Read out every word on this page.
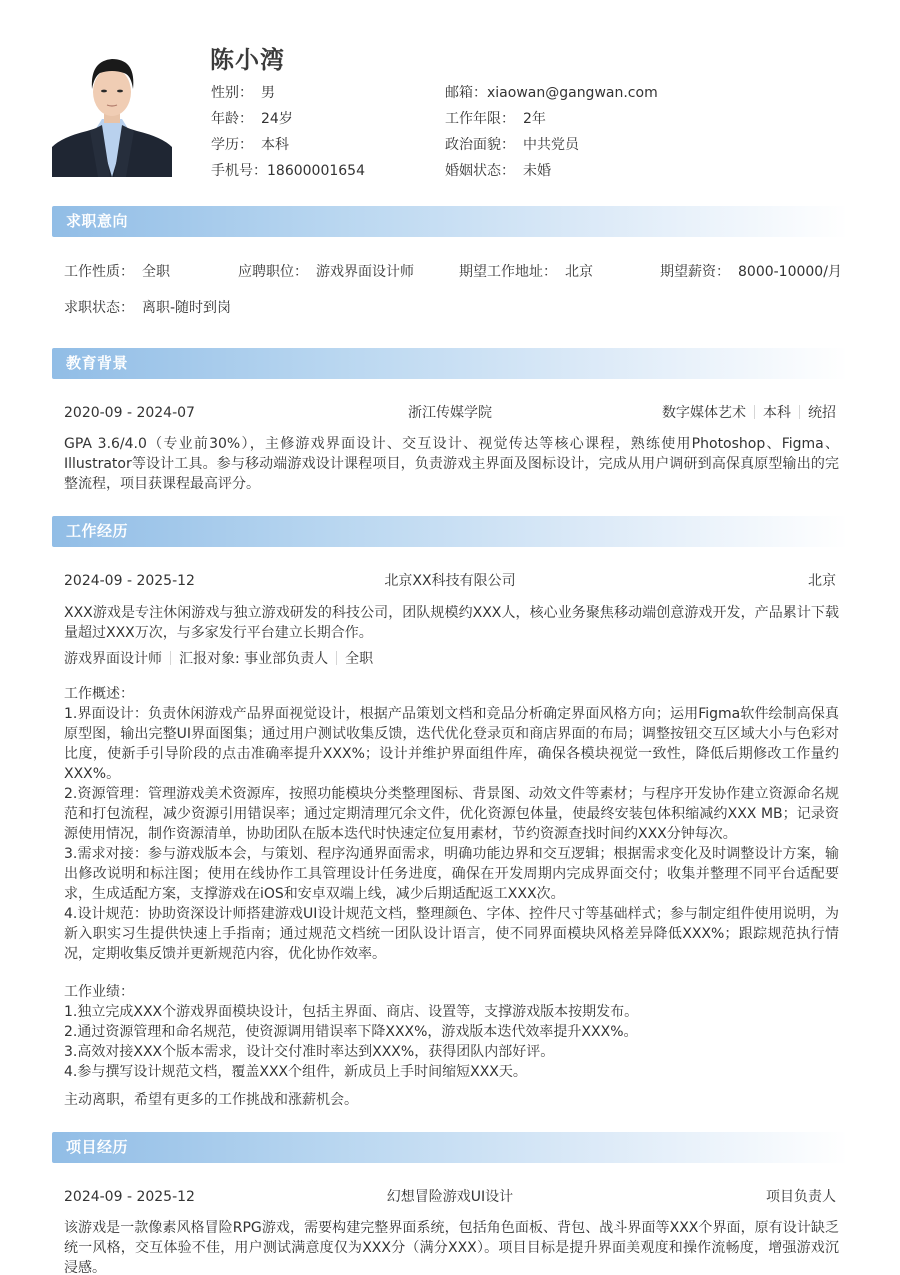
陈小湾
性别： 男
年龄： 24岁
学历： 本科
手机号：18600001654
邮箱：xiaowan@gangwan.com
工作年限： 2年
政治面貌： 中共党员
婚姻状态： 未婚
求职意向
工作性质： 全职	应聘职位： 游戏界面设计师	期望工作地址： 北京	期望薪资： 8000-10000/月
求职状态： 离职-随时到岗
教育背景
2020-09 - 2024-07	浙江传媒学院	数字媒体艺术 本科 统招
GPA 3.6/4.0（专业前30%），主修游戏界面设计、交互设计、视觉传达等核心课程，熟练使用Photoshop、Figma、Illustrator等设计工具。参与移动端游戏设计课程项目，负责游戏主界面及图标设计，完成从用户调研到高保真原型输出的完整流程，项目获课程最高评分。
工作经历
2024-09 - 2025-12	北京XX科技有限公司	北京
XXX游戏是专注休闲游戏与独立游戏研发的科技公司，团队规模约XXX人，核心业务聚焦移动端创意游戏开发，产品累计下载量超过XXX万次，与多家发行平台建立长期合作。
游戏界面设计师 汇报对象: 事业部负责人 全职

工作概述：

1.界面设计：负责休闲游戏产品界面视觉设计，根据产品策划文档和竞品分析确定界面风格方向；运用Figma软件绘制高保真原型图，输出完整UI界面图集；通过用户测试收集反馈，迭代优化登录页和商店界面的布局；调整按钮交互区域大小与色彩对比度，使新手引导阶段的点击准确率提升XXX%；设计并维护界面组件库，确保各模块视觉一致性，降低后期修改工作量约XXX%。

2.资源管理：管理游戏美术资源库，按照功能模块分类整理图标、背景图、动效文件等素材；与程序开发协作建立资源命名规范和打包流程，减少资源引用错误率；通过定期清理冗余文件，优化资源包体量，使最终安装包体积缩减约XXX MB；记录资源使用情况，制作资源清单，协助团队在版本迭代时快速定位复用素材，节约资源查找时间约XXX分钟每次。

3.需求对接：参与游戏版本会，与策划、程序沟通界面需求，明确功能边界和交互逻辑；根据需求变化及时调整设计方案，输出修改说明和标注图；使用在线协作工具管理设计任务进度，确保在开发周期内完成界面交付；收集并整理不同平台适配要求，生成适配方案，支撑游戏在iOS和安卓双端上线，减少后期适配返工XXX次。

4.设计规范：协助资深设计师搭建游戏UI设计规范文档，整理颜色、字体、控件尺寸等基础样式；参与制定组件使用说明，为新入职实习生提供快速上手指南；通过规范文档统一团队设计语言，使不同界面模块风格差异降低XXX%；跟踪规范执行情况，定期收集反馈并更新规范内容，优化协作效率。

工作业绩：

1.独立完成XXX个游戏界面模块设计，包括主界面、商店、设置等，支撑游戏版本按期发布。

2.通过资源管理和命名规范，使资源调用错误率下降XXX%，游戏版本迭代效率提升XXX%。

3.高效对接XXX个版本需求，设计交付准时率达到XXX%，获得团队内部好评。

4.参与撰写设计规范文档，覆盖XXX个组件，新成员上手时间缩短XXX天。

主动离职，希望有更多的工作挑战和涨薪机会。
项目经历
2024-09 - 2025-12	幻想冒险游戏UI设计	项目负责人
该游戏是一款像素风格冒险RPG游戏，需要构建完整界面系统，包括角色面板、背包、战斗界面等XXX个界面，原有设计缺乏统一风格，交互体验不佳，用户测试满意度仅为XXX分（满分XXX）。项目目标是提升界面美观度和操作流畅度，增强游戏沉浸感。
